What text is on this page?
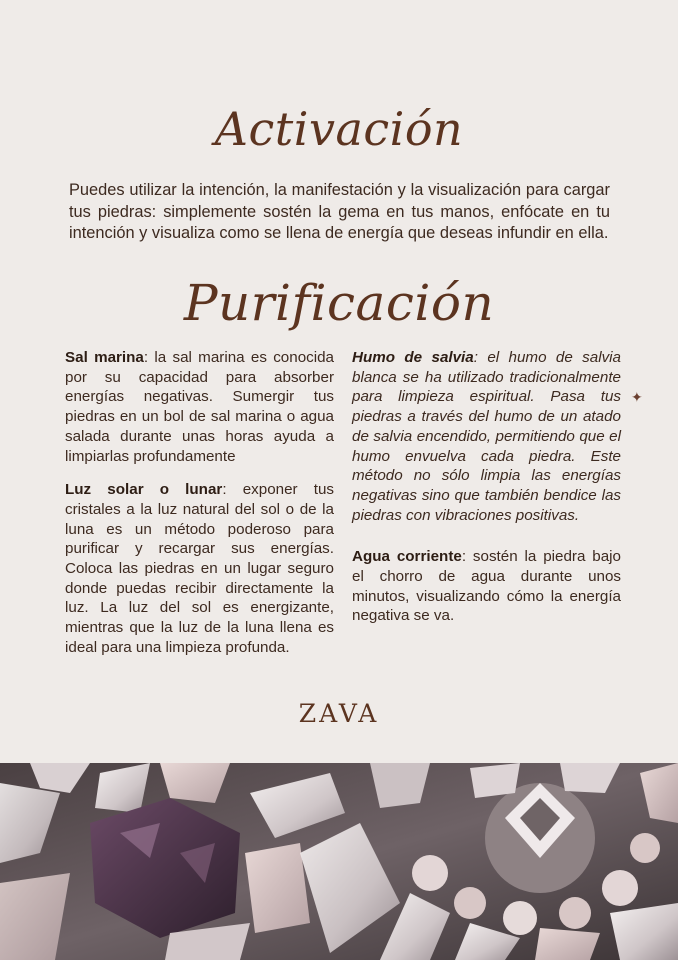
Activación

Puedes utilizar la intención, la manifestación y la visualización para cargar tus piedras: simplemente sostén la gema en tus manos, enfócate en tu intención y visualiza como se llena de energía que deseas infundir en ella.

Purificación

Sal marina: la sal marina es conocida por su capacidad para absorber energías negativas. Sumergir tus piedras en un bol de sal marina o agua salada durante unas horas ayuda a limpiarlas profundamente

Luz solar o lunar: exponer tus cristales a la luz natural del sol o de la luna es un método poderoso para purificar y recargar sus energías. Coloca las piedras en un lugar seguro donde puedas recibir directamente la luz. La luz del sol es energizante, mientras que la luz de la luna llena es ideal para una limpieza profunda.

Humo de salvia: el humo de salvia blanca se ha utilizado tradicionalmente para limpieza espiritual. Pasa tus piedras a través del humo de un atado de salvia encendido, permitiendo que el humo envuelva cada piedra. Este método no sólo limpia las energías negativas sino que también bendice las piedras con vibraciones positivas.

Agua corriente: sostén la piedra bajo el chorro de agua durante unos minutos, visualizando cómo la energía negativa se va.

✦
ZAVA
